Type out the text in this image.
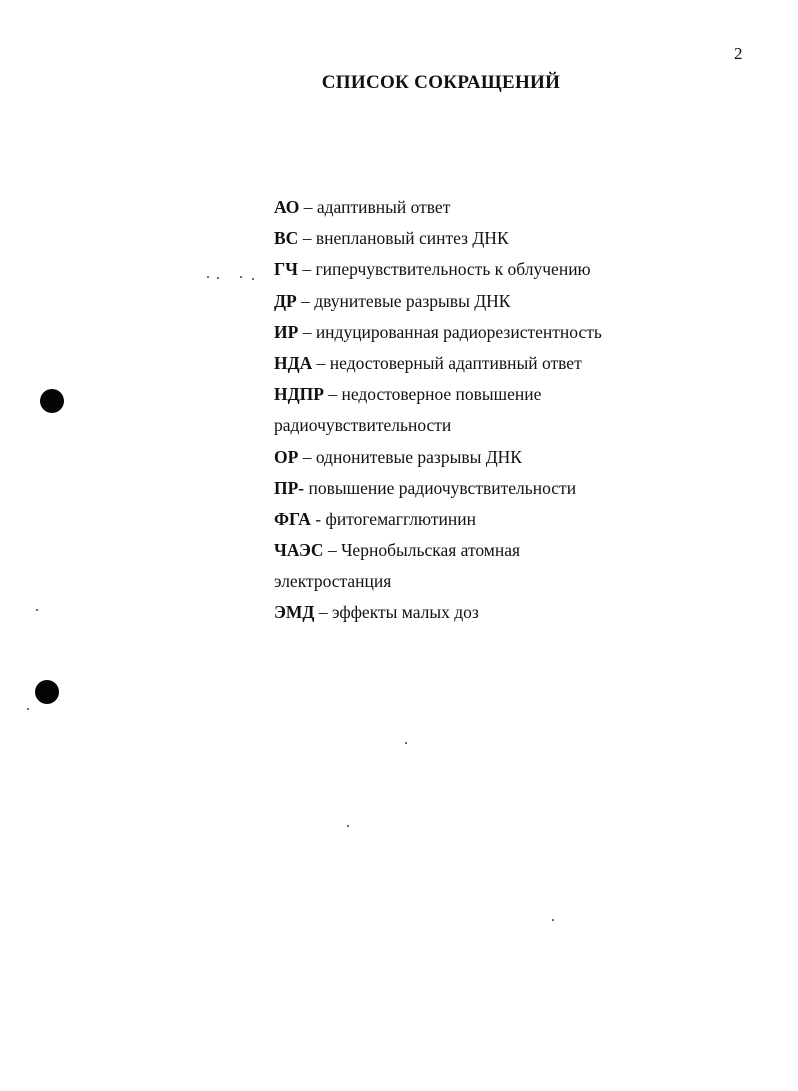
2
СПИСОК СОКРАЩЕНИЙ
АО – адаптивный ответ
ВС – внеплановый синтез ДНК
ГЧ – гиперчувствительность к облучению
ДР – двунитевые разрывы ДНК
ИР – индуцированная радиорезистентность
НДА – недостоверный адаптивный ответ
НДПР – недостоверное повышение
радиочувствительности
ОР – однонитевые разрывы ДНК
ПР- повышение радиочувствительности
ФГА - фитогемагглютинин
ЧАЭС – Чернобыльская атомная
электростанция
ЭМД – эффекты малых доз
